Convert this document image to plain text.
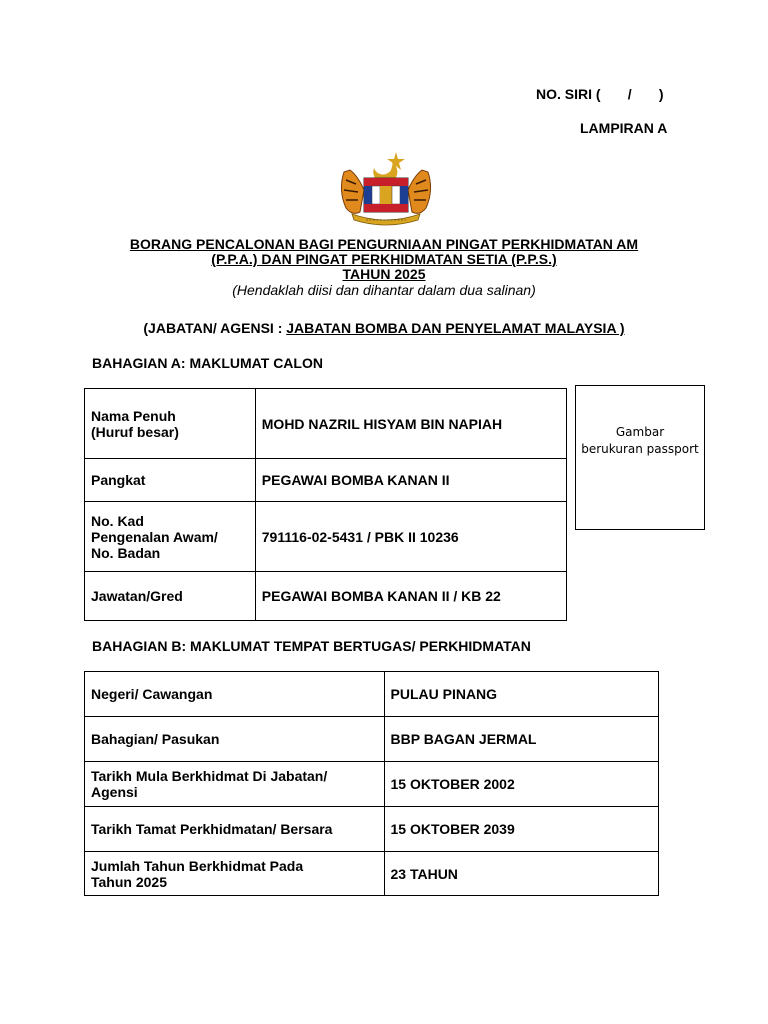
NO. SIRI (       /       )
LAMPIRAN A
BORANG PENCALONAN BAGI PENGURNIAAN PINGAT PERKHIDMATAN AM
(P.P.A.) DAN PINGAT PERKHIDMATAN SETIA (P.P.S.)
TAHUN 2025
(Hendaklah diisi dan dihantar dalam dua salinan)
(JABATAN/ AGENSI : JABATAN BOMBA DAN PENYELAMAT MALAYSIA )
BAHAGIAN A: MAKLUMAT CALON
Nama Penuh
(Huruf besar)	MOHD NAZRIL HISYAM BIN NAPIAH
Pangkat	PEGAWAI BOMBA KANAN II

No. Kad
Pengenalan Awam/
No. Badan	791116-02-5431 / PBK II 10236
Jawatan/Gred	PEGAWAI BOMBA KANAN II / KB 22
Gambar
berukuran passport
BAHAGIAN B: MAKLUMAT TEMPAT BERTUGAS/ PERKHIDMATAN
Negeri/ Cawangan	PULAU PINANG
Bahagian/ Pasukan	BBP BAGAN JERMAL

Tarikh Mula Berkhidmat Di Jabatan/
Agensi	15 OKTOBER 2002
Tarikh Tamat Perkhidmatan/ Bersara	15 OKTOBER 2039

Jumlah Tahun Berkhidmat Pada
Tahun 2025	23 TAHUN
